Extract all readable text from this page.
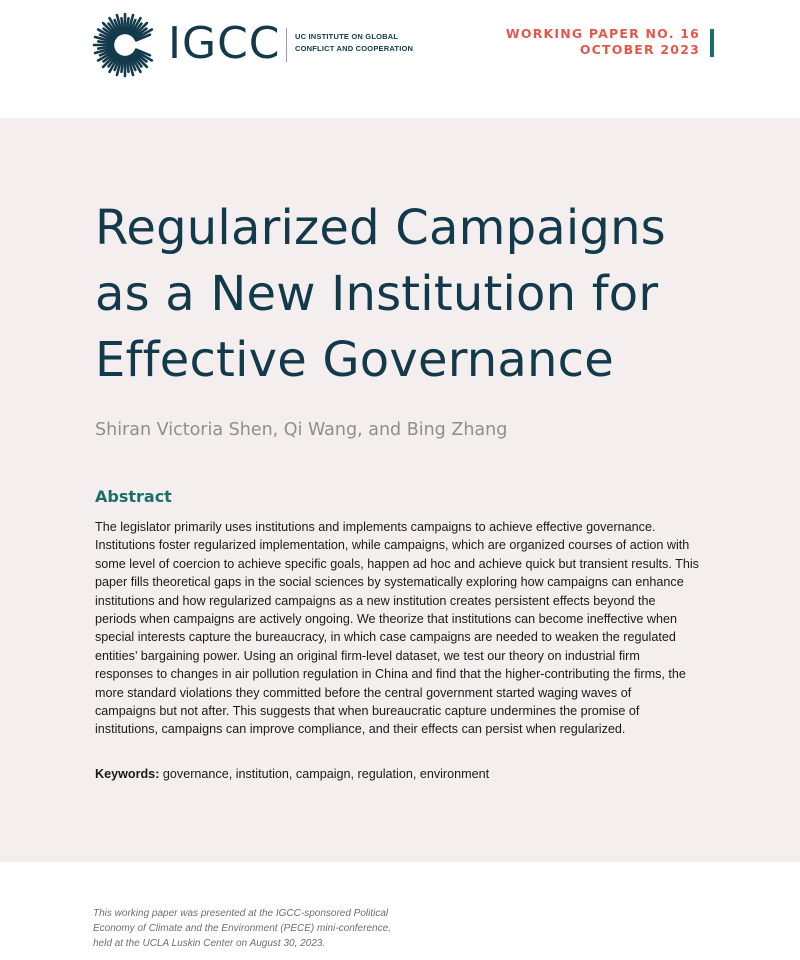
IGCC UC INSTITUTE ON GLOBAL
CONFLICT AND COOPERATION
WORKING PAPER NO. 16
OCTOBER 2023
Regularized Campaigns
as a New Institution for
Effective Governance
Shiran Victoria Shen, Qi Wang, and Bing Zhang
Abstract
The legislator primarily uses institutions and implements campaigns to achieve effective governance.
Institutions foster regularized implementation, while campaigns, which are organized courses of action with
some level of coercion to achieve specific goals, happen ad hoc and achieve quick but transient results. This
paper fills theoretical gaps in the social sciences by systematically exploring how campaigns can enhance
institutions and how regularized campaigns as a new institution creates persistent effects beyond the
periods when campaigns are actively ongoing. We theorize that institutions can become ineffective when
special interests capture the bureaucracy, in which case campaigns are needed to weaken the regulated
entities’ bargaining power. Using an original firm-level dataset, we test our theory on industrial firm
responses to changes in air pollution regulation in China and find that the higher-contributing the firms, the
more standard violations they committed before the central government started waging waves of
campaigns but not after. This suggests that when bureaucratic capture undermines the promise of
institutions, campaigns can improve compliance, and their effects can persist when regularized.
Keywords: governance, institution, campaign, regulation, environment
This working paper was presented at the IGCC-sponsored Political
Economy of Climate and the Environment (PECE) mini-conference,
held at the UCLA Luskin Center on August 30, 2023.
